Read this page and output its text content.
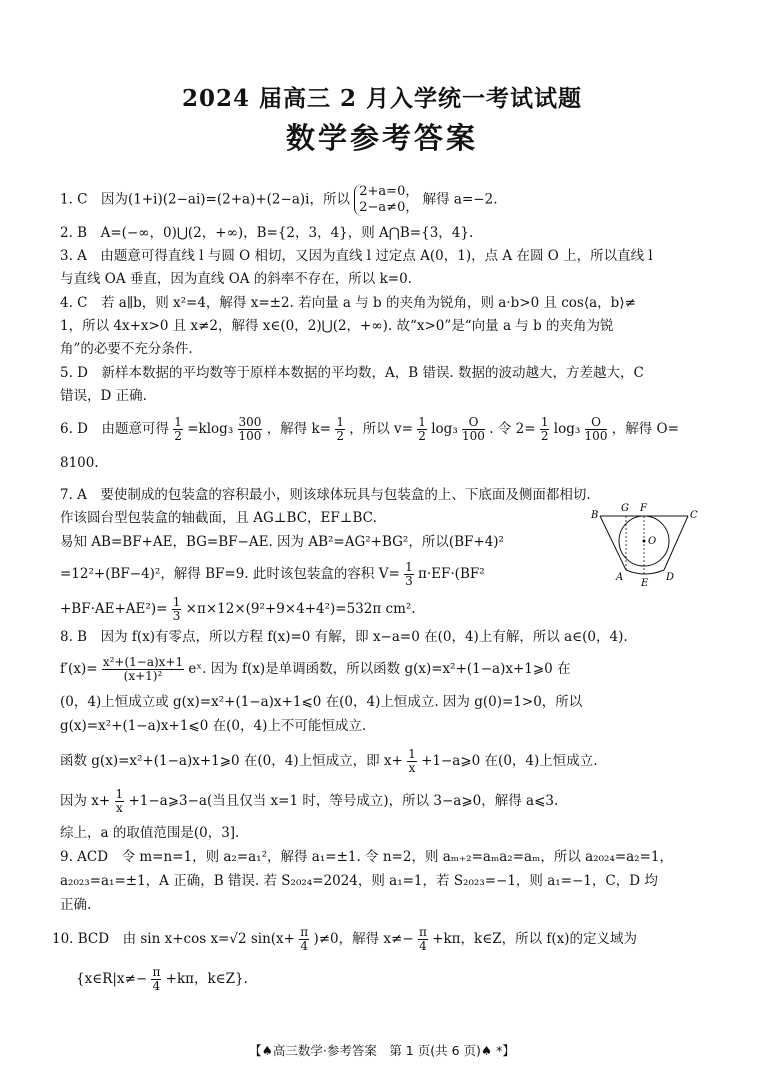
2024 届高三 2 月入学统一考试试题
数学参考答案
1. C　因为(1+i)(2−ai)=(2+a)+(2−a)i，所以 2+a=0，
2−a≠0， 解得 a=−2.
2. B　A=(−∞，0)⋃(2，+∞)，B={2，3，4}，则 A⋂B={3，4}.
3. A　由题意可得直线 l 与圆 O 相切，又因为直线 l 过定点 A(0，1)，点 A 在圆 O 上，所以直线 l
与直线 OA 垂直，因为直线 OA 的斜率不存在，所以 k=0.
4. C　若 a∥b，则 x²=4，解得 x=±2. 若向量 a 与 b 的夹角为锐角，则 a·b>0 且 cos⟨a，b⟩≠
1，所以 4x+x>0 且 x≠2，解得 x∈(0，2)⋃(2，+∞). 故“x>0”是“向量 a 与 b 的夹角为锐
角”的必要不充分条件.
5. D　新样本数据的平均数等于原样本数据的平均数，A，B 错误. 数据的波动越大，方差越大，C
错误，D 正确.
6. D　由题意可得 $\frac{1}{2} =klog_3 \frac{300}{100}$ ，解得 $k= \frac{1}{2}$ ，所以 $v= \frac{1}{2} \log_3 \frac{O}{100}$ . 令 $2= \frac{1}{2} \log_3 \frac{O}{100}$ ，解得 O=
8100.
7. A　要使制成的包装盒的容积最小，则该球体玩具与包装盒的上、下底面及侧面都相切.
作该圆台型包装盒的轴截面，且 AG⊥BC，EF⊥BC.
易知 AB=BF+AE，BG=BF−AE. 因为 AB²=AG²+BG²，所以(BF+4)²
=12²+(BF−4)²，解得 BF=9. 此时该包装盒的容积 $V= \frac{1}{3} \pi\cdot EF\cdot(BF^2$
$+BF\cdot AE+AE^2)= \frac{1}{3} \times\pi\times 12\times(9^2+9\times 4+4^2)=532\pi$ cm².
B
G F
C
O
A
E
D
8. B　因为 f(x)有零点，所以方程 f(x)=0 有解，即 x−a=0 在(0，4)上有解，所以 a∈(0，4).
$f'(x)= \frac{\text{x²+(1−a)x+1}}{\text{(x+1)²}}$ eˣ. 因为 f(x)是单调函数，所以函数 g(x)=x²+(1−a)x+1⩾0 在
(0，4)上恒成立或 g(x)=x²+(1−a)x+1⩽0 在(0，4)上恒成立. 因为 g(0)=1>0，所以
g(x)=x²+(1−a)x+1⩽0 在(0，4)上不可能恒成立.
函数 g(x)=x²+(1−a)x+1⩾0 在(0，4)上恒成立，即 $x+ \frac{1}{x}$ +1−a⩾0 在(0，4)上恒成立.
因为 $x+ \frac{1}{x}$ +1−a⩾3−a(当且仅当 x=1 时，等号成立)，所以 3−a⩾0，解得 a⩽3.
综上，a 的取值范围是(0，3].
9. ACD　令 m=n=1，则 a₂=a₁²，解得 a₁=±1. 令 n=2，则 aₘ₊₂=aₘa₂=aₘ，所以 a₂₀₂₄=a₂=1，
a₂₀₂₃=a₁=±1，A 正确，B 错误. 若 S₂₀₂₄=2024，则 a₁=1，若 S₂₀₂₃=−1，则 a₁=−1，C，D 均
正确.
10. BCD　由 sin x+cos x=√2 $\sin(x+ \frac{\pi}{4} )\ne 0$，解得 $x\ne- \frac{\pi}{4} +k\pi$，k∈Z，所以 f(x)的定义域为
{x∈R|x≠− $\frac{\pi}{4} +k\pi$，k∈Z}.
【♠高三数学·参考答案　第 1 页(共 6 页)♠ *】
